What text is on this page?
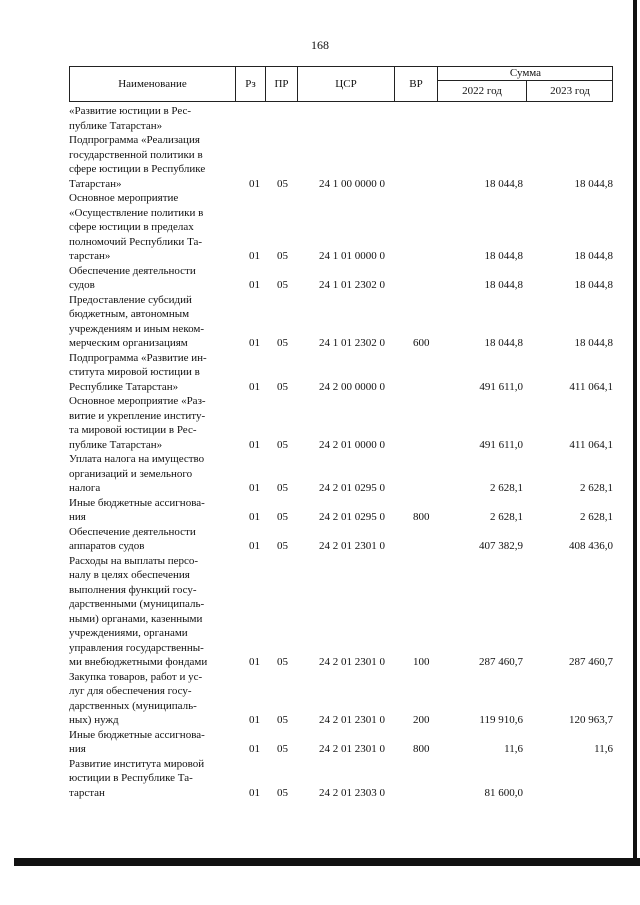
168
Наименование	Рз	ПР	ЦСР	ВР
Сумма
2022 год	2023 год
«Развитие юстиции в Рес-
публике Татарстан»
Подпрограмма «Реализация
государственной политики в
сфере юстиции в Республике
Татарстан»	01 05	24 1 00 0000 0	18 044,8	18 044,8
Основное мероприятие
«Осуществление политики в
сфере юстиции в пределах
полномочий Республики Та-
тарстан»	01 05	24 1 01 0000 0	18 044,8	18 044,8
Обеспечение деятельности
судов	01 05	24 1 01 2302 0	18 044,8	18 044,8
Предоставление субсидий
бюджетным, автономным
учреждениям и иным неком-
мерческим организациям	01 05	24 1 01 2302 0	600	18 044,8	18 044,8
Подпрограмма «Развитие ин-
ститута мировой юстиции в
Республике Татарстан»	01 05	24 2 00 0000 0	491 611,0	411 064,1
Основное мероприятие «Раз-
витие и укрепление институ-
та мировой юстиции в Рес-
публике Татарстан»	01 05	24 2 01 0000 0	491 611,0	411 064,1
Уплата налога на имущество
организаций и земельного
налога	01 05	24 2 01 0295 0	2 628,1	2 628,1
Иные бюджетные ассигнова-
ния	01 05	24 2 01 0295 0	800	2 628,1	2 628,1
Обеспечение деятельности
аппаратов судов	01 05	24 2 01 2301 0	407 382,9	408 436,0
Расходы на выплаты персо-
налу в целях обеспечения
выполнения функций госу-
дарственными (муниципаль-
ными) органами, казенными
учреждениями, органами
управления государственны-
ми внебюджетными фондами	01 05	24 2 01 2301 0	100	287 460,7	287 460,7
Закупка товаров, работ и ус-
луг для обеспечения госу-
дарственных (муниципаль-
ных) нужд	01 05	24 2 01 2301 0	200	119 910,6	120 963,7
Иные бюджетные ассигнова-
ния	01 05	24 2 01 2301 0	800	11,6	11,6
Развитие института мировой
юстиции в Республике Та-
тарстан	01 05	24 2 01 2303 0	81 600,0
